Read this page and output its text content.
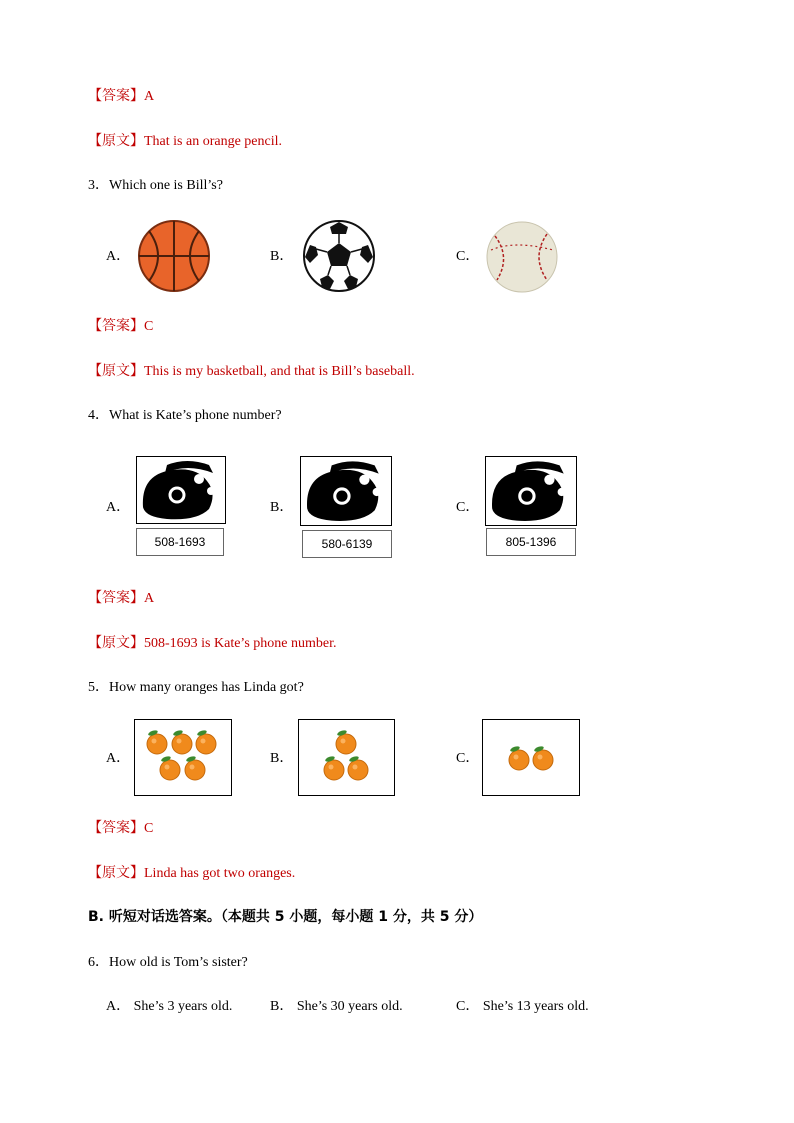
【答案】A
【原文】That is an orange pencil.
3．Which one is Bill’s?
A．	B．	C．
【答案】C
【原文】This is my basketball, and that is Bill’s baseball.
4．What is Kate’s phone number?
A．
508-1693
B．
580-6139
C．
805-1396
【答案】A
【原文】508-1693 is Kate’s phone number.
5．How many oranges has Linda got?
A．	B．	C．
【答案】C
【原文】Linda has got two oranges.
B. 听短对话选答案。（本题共 5 小题，每小题 1 分，共 5 分）
6．How old is Tom’s sister?
A． She’s 3 years old.	B． She’s 30 years old.	C． She’s 13 years old.
